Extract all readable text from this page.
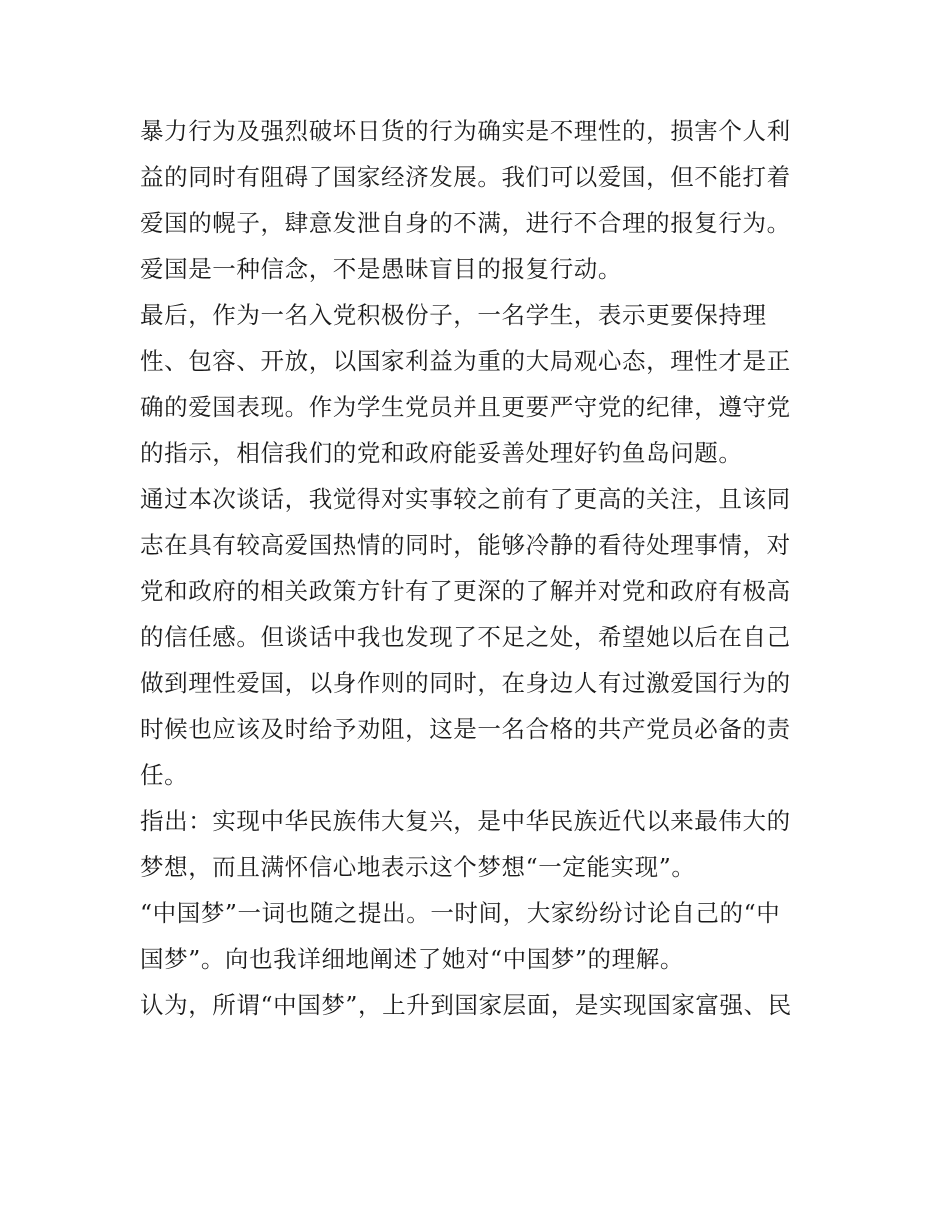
暴力行为及强烈破坏日货的行为确实是不理性的，损害个人利

益的同时有阻碍了国家经济发展。我们可以爱国，但不能打着

爱国的幌子，肆意发泄自身的不满，进行不合理的报复行为。

爱国是一种信念，不是愚昧盲目的报复行动。

最后，作为一名入党积极份子，一名学生，表示更要保持理

性、包容、开放，以国家利益为重的大局观心态，理性才是正

确的爱国表现。作为学生党员并且更要严守党的纪律，遵守党

的指示，相信我们的党和政府能妥善处理好钓鱼岛问题。

通过本次谈话，我觉得对实事较之前有了更高的关注，且该同

志在具有较高爱国热情的同时，能够冷静的看待处理事情，对

党和政府的相关政策方针有了更深的了解并对党和政府有极高

的信任感。但谈话中我也发现了不足之处，希望她以后在自己

做到理性爱国，以身作则的同时，在身边人有过激爱国行为的

时候也应该及时给予劝阻，这是一名合格的共产党员必备的责

任。

指出：实现中华民族伟大复兴，是中华民族近代以来最伟大的

梦想，而且满怀信心地表示这个梦想“一定能实现”。

“中国梦”一词也随之提出。一时间，大家纷纷讨论自己的“中

国梦”。向也我详细地阐述了她对“中国梦”的理解。

认为，所谓“中国梦”，上升到国家层面，是实现国家富强、民
